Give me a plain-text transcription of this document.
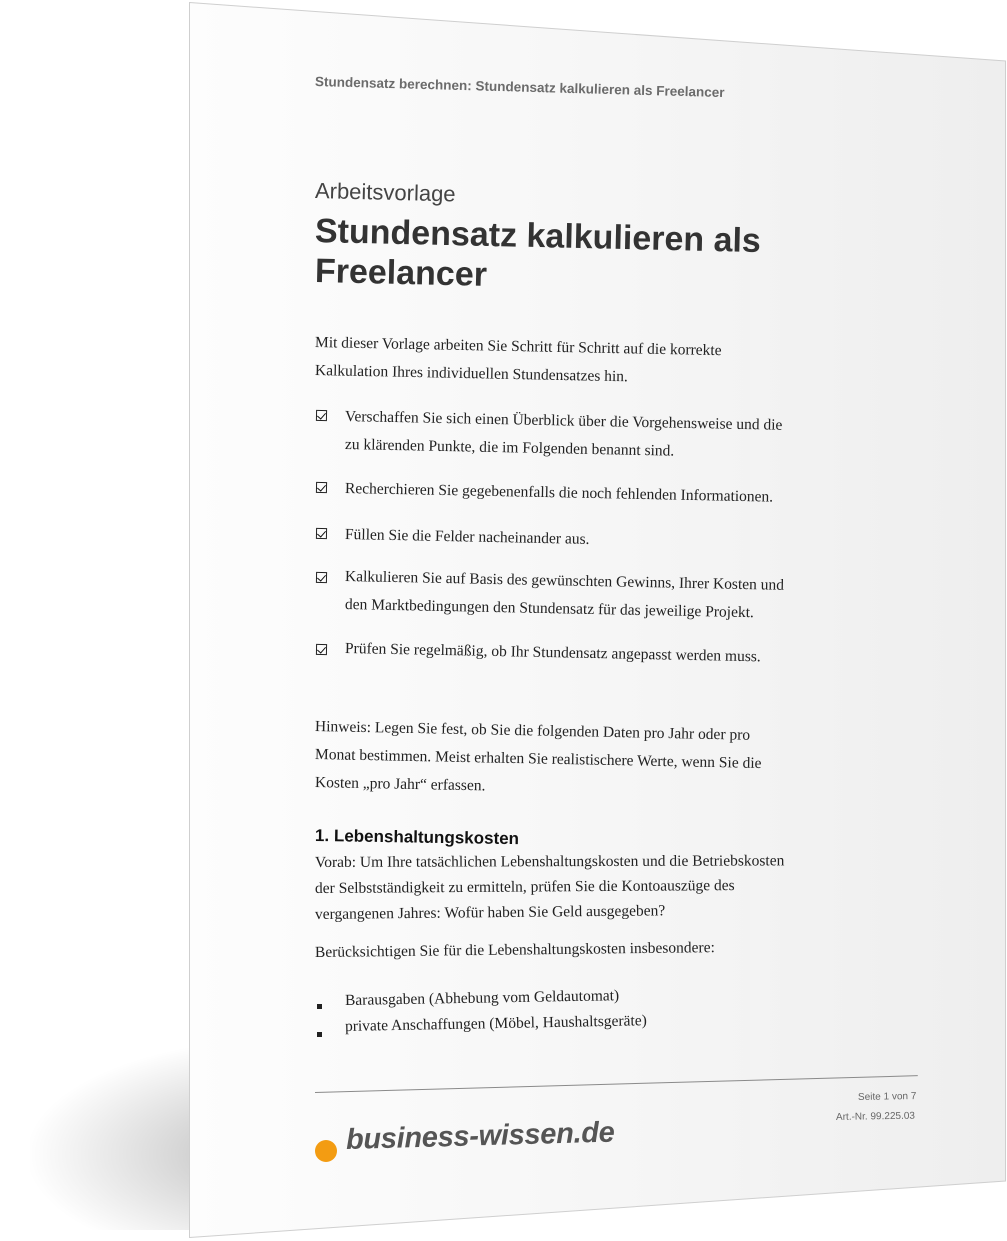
Stundensatz berechnen: Stundensatz kalkulieren als Freelancer
Arbeitsvorlage
Stundensatz kalkulieren als
Freelancer
Mit dieser Vorlage arbeiten Sie Schritt für Schritt auf die korrekte
Kalkulation Ihres individuellen Stundensatzes hin.
Verschaffen Sie sich einen Überblick über die Vorgehensweise und die
zu klärenden Punkte, die im Folgenden benannt sind.
Recherchieren Sie gegebenenfalls die noch fehlenden Informationen.
Füllen Sie die Felder nacheinander aus.
Kalkulieren Sie auf Basis des gewünschten Gewinns, Ihrer Kosten und
den Marktbedingungen den Stundensatz für das jeweilige Projekt.
Prüfen Sie regelmäßig, ob Ihr Stundensatz angepasst werden muss.
Hinweis: Legen Sie fest, ob Sie die folgenden Daten pro Jahr oder pro
Monat bestimmen. Meist erhalten Sie realistischere Werte, wenn Sie die
Kosten „pro Jahr“ erfassen.
1. Lebenshaltungskosten
Vorab: Um Ihre tatsächlichen Lebenshaltungskosten und die Betriebskosten
der Selbstständigkeit zu ermitteln, prüfen Sie die Kontoauszüge des
vergangenen Jahres: Wofür haben Sie Geld ausgegeben?
Berücksichtigen Sie für die Lebenshaltungskosten insbesondere:
Barausgaben (Abhebung vom Geldautomat)
private Anschaffungen (Möbel, Haushaltsgeräte)
Seite 1 von 7
Art.-Nr. 99.225.03
business-wissen.de
